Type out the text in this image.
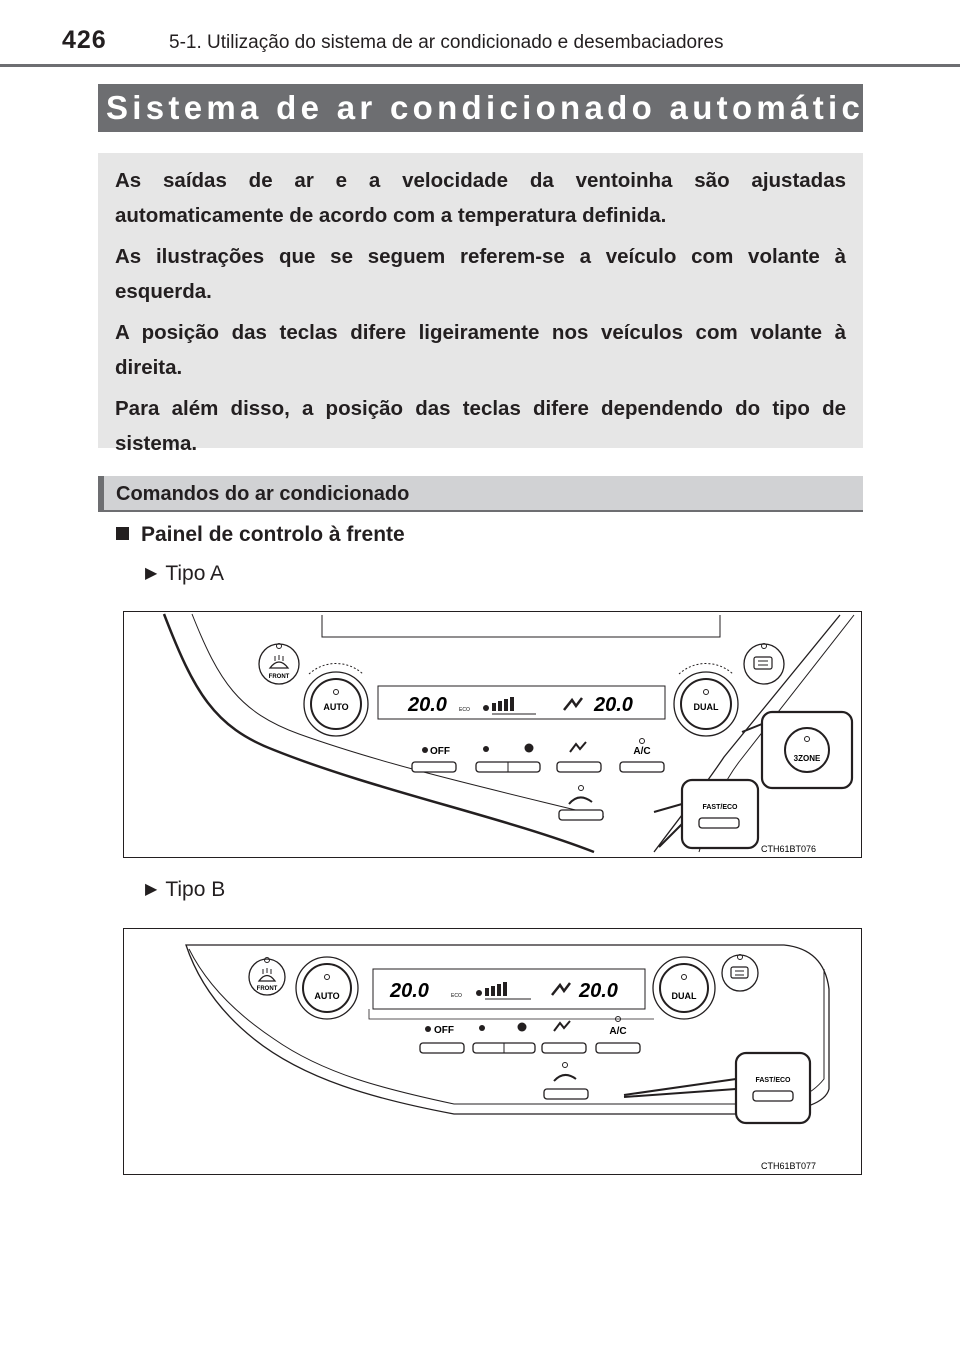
426	5-1. Utilização do sistema de ar condicionado e desembaciadores
Sistema de ar condicionado automático

As saídas de ar e a velocidade da ventoinha são ajustadas automaticamente de acordo com a temperatura definida.

As ilustrações que se seguem referem-se a veículo com volante à esquerda.

A posição das teclas difere ligeiramente nos veículos com volante à direita.

Para além disso, a posição das teclas difere dependendo do tipo de sistema.

Comandos do ar condicionado
Painel de controlo à frente
▶ Tipo A
FRONT
AUTO	20.0 ECO	20.0	DUAL
OFF	A/C
3ZONE
FAST/ECO
CTH61BT076
▶ Tipo B
FRONT
AUTO	20.0	ECO	20.0	DUAL
OFF	A/C
FAST/ECO
CTH61BT077
